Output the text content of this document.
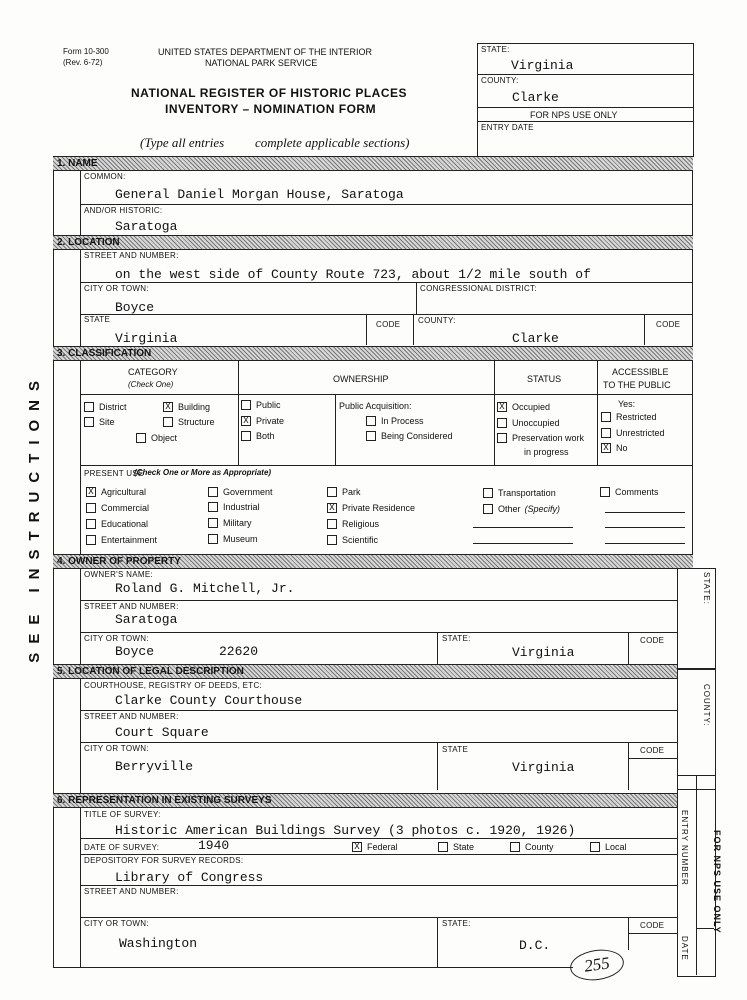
Form 10-300
(Rev. 6-72)
UNITED STATES DEPARTMENT OF THE INTERIOR
NATIONAL PARK SERVICE
NATIONAL REGISTER OF HISTORIC PLACES
INVENTORY – NOMINATION FORM
(Type all entries complete applicable sections)
STATE:
Virginia
COUNTY:
Clarke
FOR NPS USE ONLY
ENTRY DATE
SEE INSTRUCTIONS
1. NAME
COMMON:
General Daniel Morgan House, Saratoga
AND/OR HISTORIC:
Saratoga
2. LOCATION
STREET AND NUMBER:
on the west side of County Route 723, about 1/2 mile south of
CITY OR TOWN:	CONGRESSIONAL DISTRICT:
Boyce
STATE
Virginia
CODE COUNTY:
Clarke
CODE
3. CLASSIFICATION
CATEGORY
(Check One)
OWNERSHIP	STATUS
ACCESSIBLE
TO THE PUBLIC
District	X Building
Site	Structure
Object
Public
X Private
Both
Public Acquisition:
In Process
Being Considered
X Occupied
Unoccupied
Preservation work
in progress
Yes:
Restricted
Unrestricted
X No
PRESENT USE
(Check One or More as Appropriate)
X Agricultural	Government	Park	Transportation	Comments
Commercial	Industrial	X Private Residence	Other (Specify)
Educational	Military	Religious
Entertainment	Museum	Scientific
4. OWNER OF PROPERTY
STATE:
OWNER'S NAME:
Roland G. Mitchell, Jr.
STREET AND NUMBER:
Saratoga
CITY OR TOWN:
Boyce	22620
STATE:
Virginia
CODE
5. LOCATION OF LEGAL DESCRIPTION
COUNTY:
COURTHOUSE, REGISTRY OF DEEDS, ETC:
Clarke County Courthouse
STREET AND NUMBER:
Court Square
CITY OR TOWN:
Berryville
STATE
Virginia
CODE
6. REPRESENTATION IN EXISTING SURVEYS
ENTRY NUMBER
DATE
FOR NPS USE ONLY
TITLE OF SURVEY:
Historic American Buildings Survey (3 photos c. 1920, 1926)
DATE OF SURVEY:	1940	X Federal	State	County	Local
DEPOSITORY FOR SURVEY RECORDS:
Library of Congress
STREET AND NUMBER:
CITY OR TOWN:
Washington
STATE:
D.C.
CODE
255
